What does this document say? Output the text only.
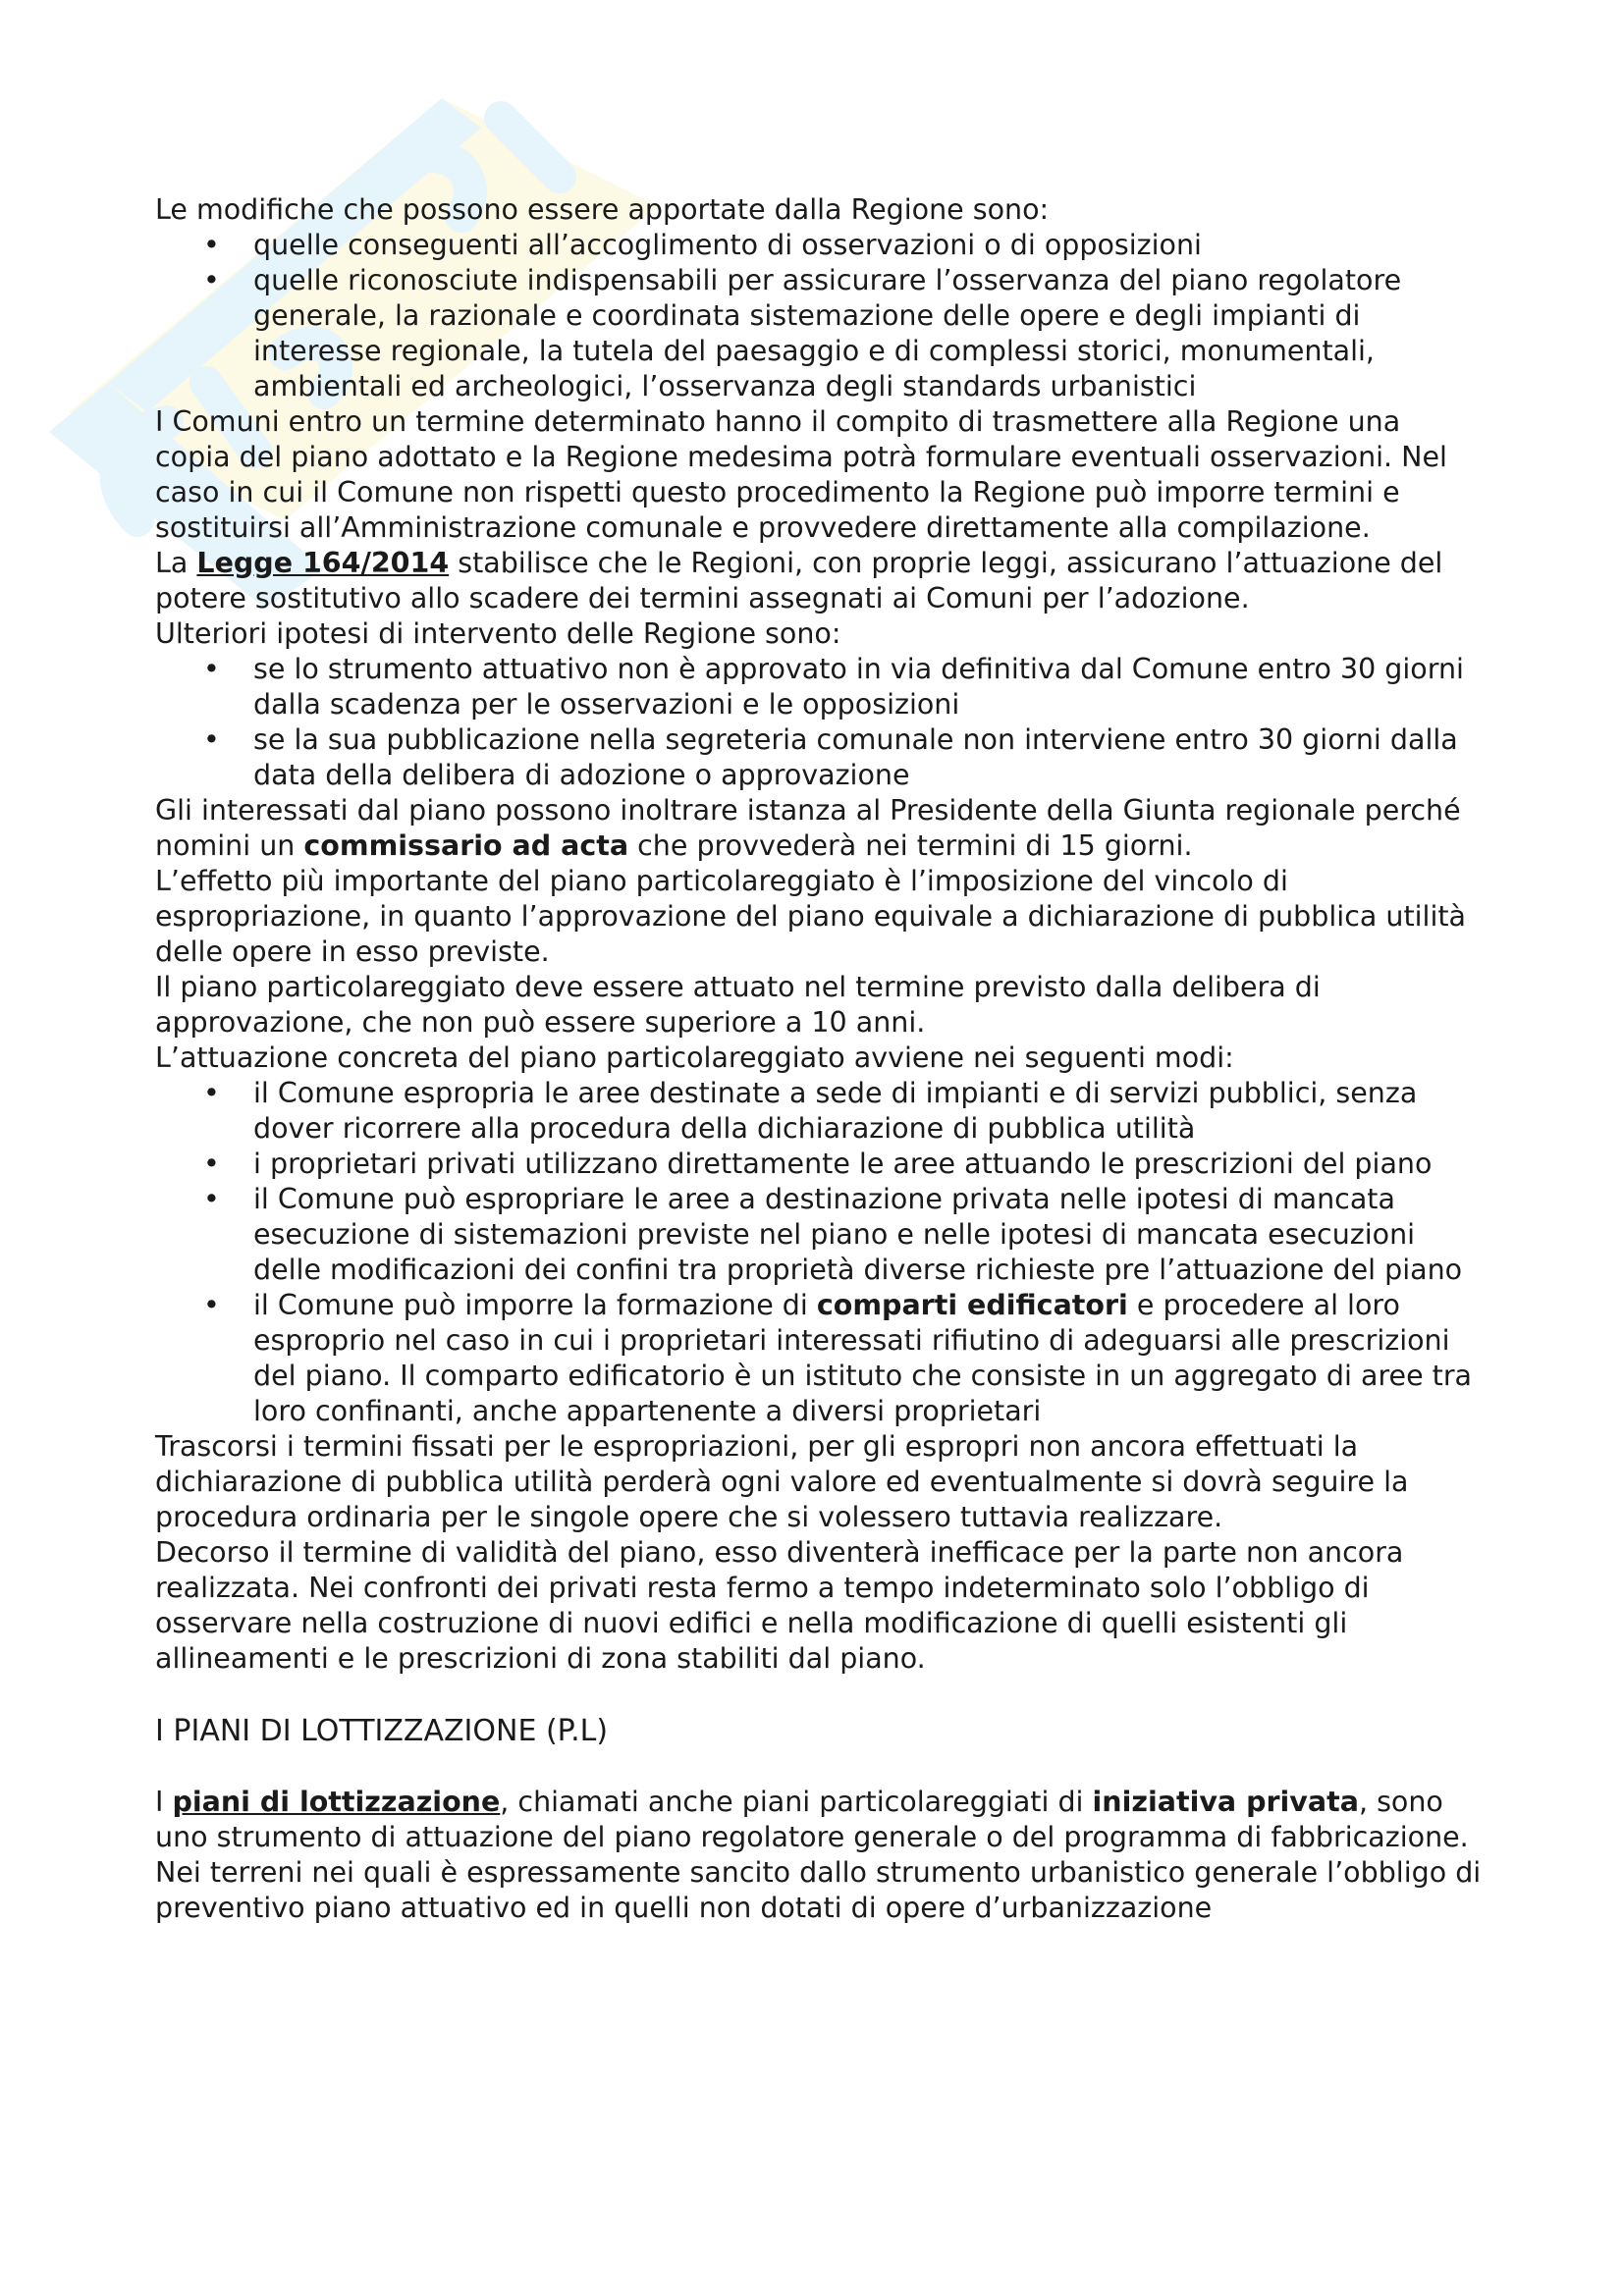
Le modifiche che possono essere apportate dalla Regione sono:

• quelle conseguenti all’accoglimento di osservazioni o di opposizioni
• quelle riconosciute indispensabili per assicurare l’osservanza del piano regolatore generale, la razionale e coordinata sistemazione delle opere e degli impianti di interesse regionale, la tutela del paesaggio e di complessi storici, monumentali, ambientali ed archeologici, l’osservanza degli standards urbanistici

I Comuni entro un termine determinato hanno il compito di trasmettere alla Regione una copia del piano adottato e la Regione medesima potrà formulare eventuali osservazioni. Nel caso in cui il Comune non rispetti questo procedimento la Regione può imporre termini e sostituirsi all’Amministrazione comunale e provvedere direttamente alla compilazione.

La Legge 164/2014 stabilisce che le Regioni, con proprie leggi, assicurano l’attuazione del potere sostitutivo allo scadere dei termini assegnati ai Comuni per l’adozione.

Ulteriori ipotesi di intervento delle Regione sono:

• se lo strumento attuativo non è approvato in via definitiva dal Comune entro 30 giorni dalla scadenza per le osservazioni e le opposizioni
• se la sua pubblicazione nella segreteria comunale non interviene entro 30 giorni dalla data della delibera di adozione o approvazione

Gli interessati dal piano possono inoltrare istanza al Presidente della Giunta regionale perché nomini un commissario ad acta che provvederà nei termini di 15 giorni.

L’effetto più importante del piano particolareggiato è l’imposizione del vincolo di espropriazione, in quanto l’approvazione del piano equivale a dichiarazione di pubblica utilità delle opere in esso previste.

Il piano particolareggiato deve essere attuato nel termine previsto dalla delibera di approvazione, che non può essere superiore a 10 anni.

L’attuazione concreta del piano particolareggiato avviene nei seguenti modi:

• il Comune espropria le aree destinate a sede di impianti e di servizi pubblici, senza dover ricorrere alla procedura della dichiarazione di pubblica utilità
• i proprietari privati utilizzano direttamente le aree attuando le prescrizioni del piano
• il Comune può espropriare le aree a destinazione privata nelle ipotesi di mancata esecuzione di sistemazioni previste nel piano e nelle ipotesi di mancata esecuzioni delle modificazioni dei confini tra proprietà diverse richieste pre l’attuazione del piano
• il Comune può imporre la formazione di comparti edificatori e procedere al loro esproprio nel caso in cui i proprietari interessati rifiutino di adeguarsi alle prescrizioni del piano. Il comparto edificatorio è un istituto che consiste in un aggregato di aree tra loro confinanti, anche appartenente a diversi proprietari

Trascorsi i termini fissati per le espropriazioni, per gli espropri non ancora effettuati la dichiarazione di pubblica utilità perderà ogni valore ed eventualmente si dovrà seguire la procedura ordinaria per le singole opere che si volessero tuttavia realizzare.

Decorso il termine di validità del piano, esso diventerà inefficace per la parte non ancora realizzata. Nei confronti dei privati resta fermo a tempo indeterminato solo l’obbligo di osservare nella costruzione di nuovi edifici e nella modificazione di quelli esistenti gli allineamenti e le prescrizioni di zona stabiliti dal piano.

I PIANI DI LOTTIZZAZIONE (P.L)

I piani di lottizzazione, chiamati anche piani particolareggiati di iniziativa privata, sono uno strumento di attuazione del piano regolatore generale o del programma di fabbricazione.

Nei terreni nei quali è espressamente sancito dallo strumento urbanistico generale l’obbligo di preventivo piano attuativo ed in quelli non dotati di opere d’urbanizzazione
